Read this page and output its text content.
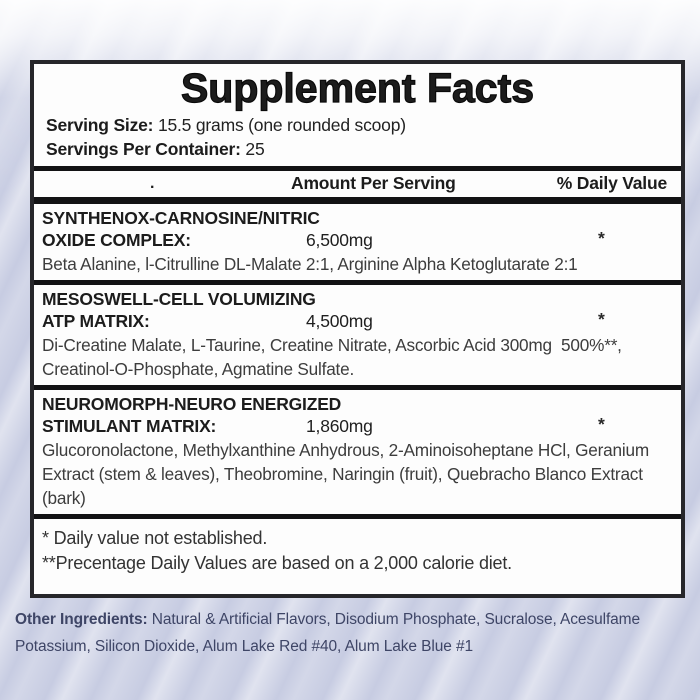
Supplement Facts
Serving Size: 15.5 grams (one rounded scoop)
Servings Per Container: 25
.	Amount Per Serving	% Daily Value
SYNTHENOX-CARNOSINE/NITRIC
OXIDE COMPLEX:	6,500mg	*
Beta Alanine, l-Citrulline DL-Malate 2:1, Arginine Alpha Ketoglutarate 2:1
MESOSWELL-CELL VOLUMIZING
ATP MATRIX:	4,500mg	*
Di-Creatine Malate, L-Taurine, Creatine Nitrate, Ascorbic Acid 300mg  500%**, Creatinol-O-Phosphate, Agmatine Sulfate.
NEUROMORPH-NEURO ENERGIZED
STIMULANT MATRIX:	1,860mg	*
Glucoronolactone, Methylxanthine Anhydrous, 2-Aminoisoheptane HCl, Geranium Extract (stem & leaves), Theobromine, Naringin (fruit), Quebracho Blanco Extract (bark)
* Daily value not established.
**Precentage Daily Values are based on a 2,000 calorie diet.
Other Ingredients: Natural & Artificial Flavors, Disodium Phosphate, Sucralose, Acesulfame Potassium, Silicon Dioxide, Alum Lake Red #40, Alum Lake Blue #1
